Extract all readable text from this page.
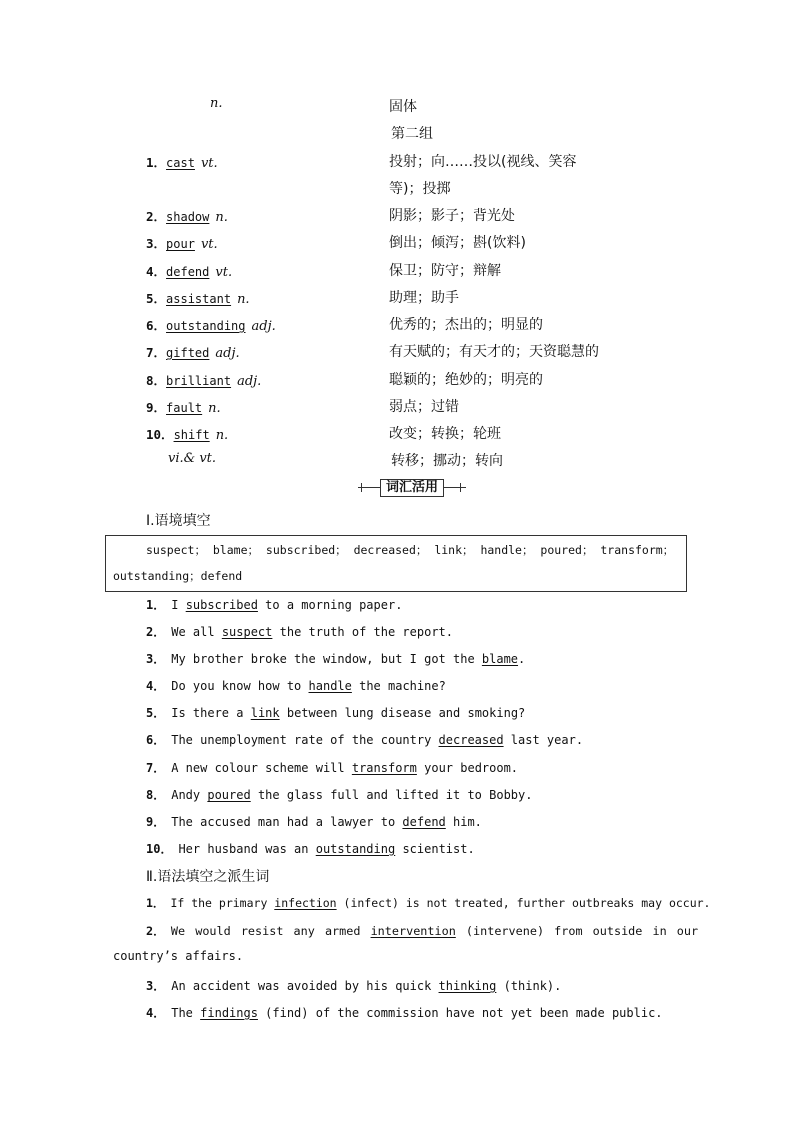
n.	固体
第二组
1．cast vt.	投射；向……投以(视线、笑容
等)；投掷
2．shadow n.	阴影；影子；背光处
3．pour vt.	倒出；倾泻；斟(饮料)
4．defend vt.	保卫；防守；辩解
5．assistant n.	助理；助手
6．outstanding adj.	优秀的；杰出的；明显的
7．gifted adj.	有天赋的；有天才的；天资聪慧的
8．brilliant adj.	聪颖的；绝妙的；明亮的
9．fault n.	弱点；过错
10．shift n.	改变；转换；轮班
vi.& vt.	转移；挪动；转向
词汇活用
Ⅰ.语境填空
suspect； blame； subscribed； decreased； link； handle； poured； transform；
outstanding；defend
1． I subscribed to a morning paper.
2． We all suspect the truth of the report.
3． My brother broke the window, but I got the blame.
4． Do you know how to handle the machine?
5． Is there a link between lung disease and smoking?
6． The unemployment rate of the country decreased last year.
7． A new colour scheme will transform your bedroom.
8． Andy poured the glass full and lifted it to Bobby.
9． The accused man had a lawyer to defend him.
10． Her husband was an outstanding scientist.
Ⅱ.语法填空之派生词
1． If the primary infection (infect) is not treated, further outbreaks may occur.
2． We would resist any armed intervention (intervene) from outside in our
country’s affairs.
3． An accident was avoided by his quick thinking (think).
4． The findings (find) of the commission have not yet been made public.
